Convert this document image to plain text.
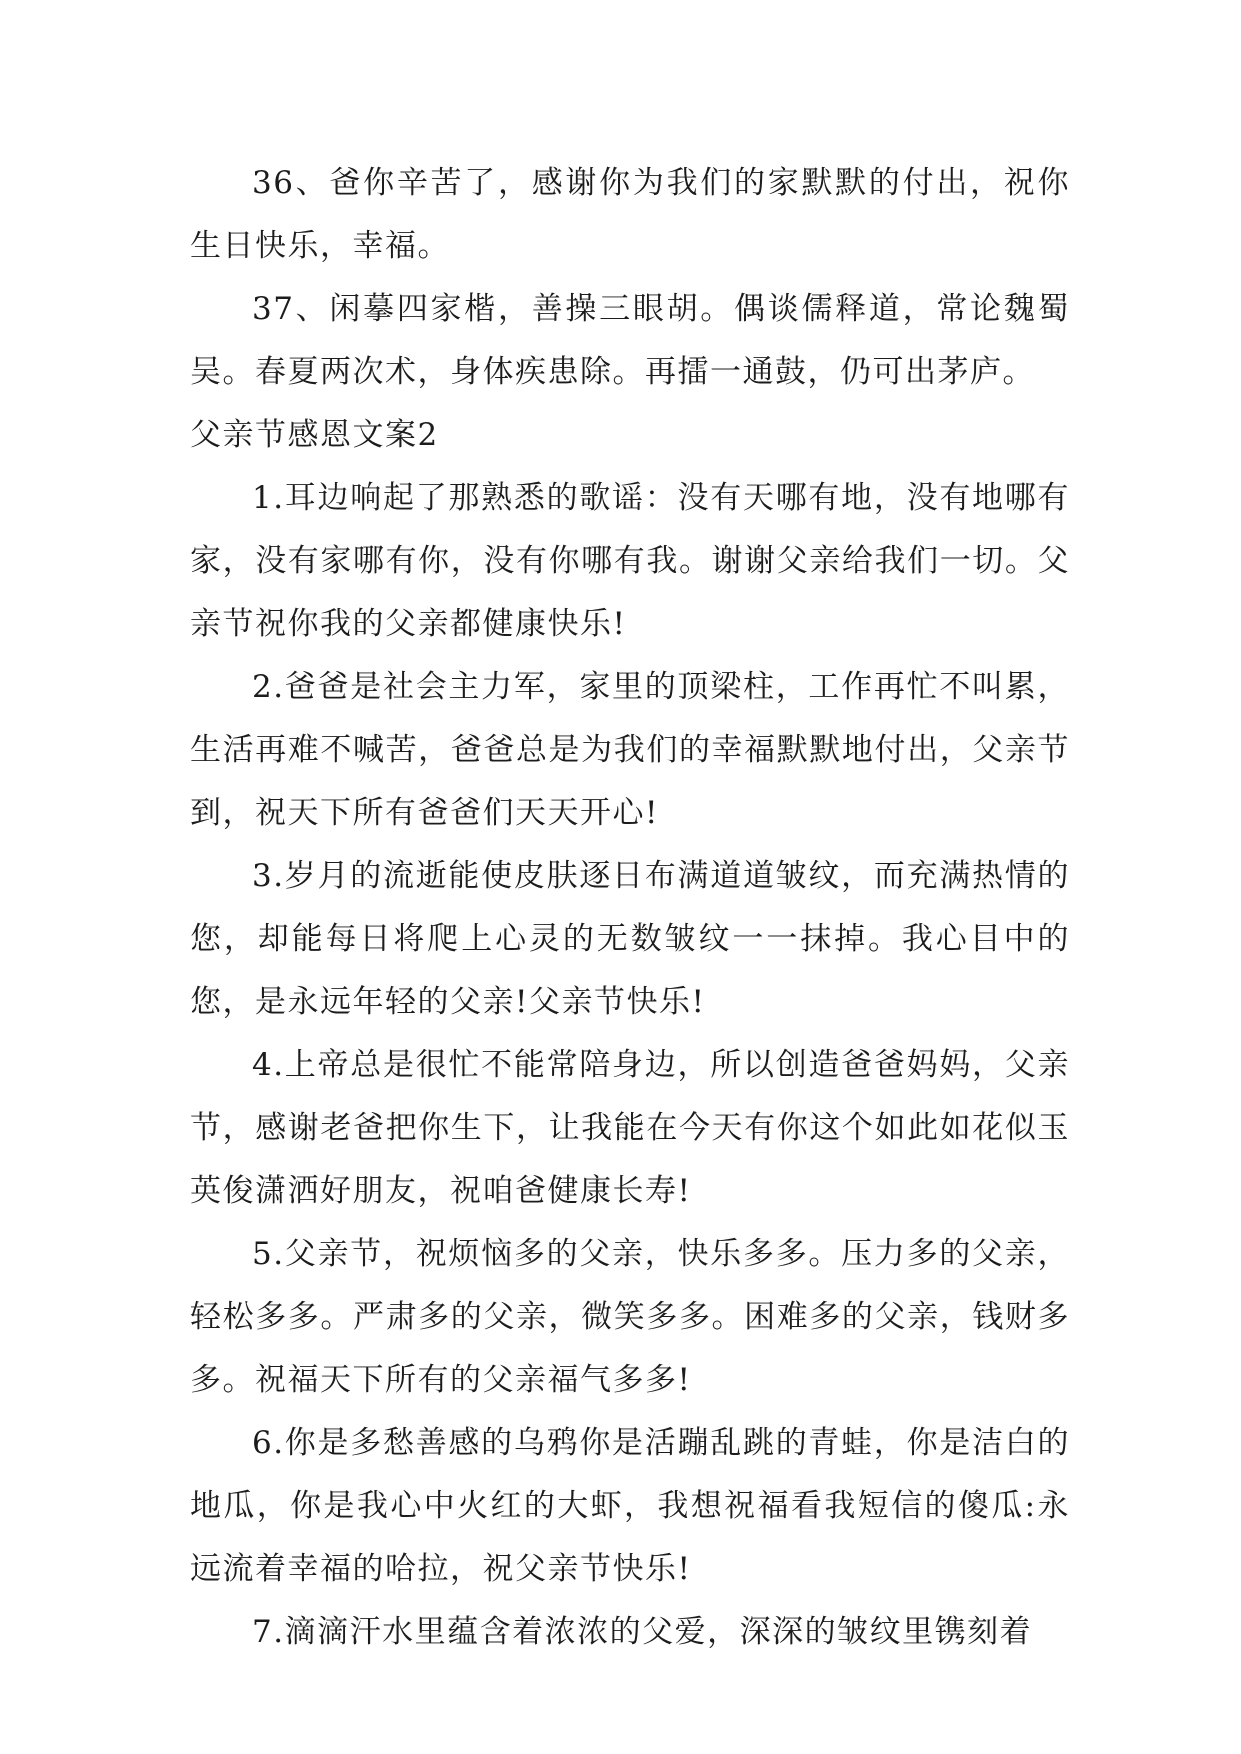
36、爸你辛苦了，感谢你为我们的家默默的付出，祝你生日快乐，幸福。

37、闲摹四家楷，善操三眼胡。偶谈儒释道，常论魏蜀吴。春夏两次术，身体疾患除。再擂一通鼓，仍可出茅庐。

父亲节感恩文案2

1.耳边响起了那熟悉的歌谣：没有天哪有地，没有地哪有家，没有家哪有你，没有你哪有我。谢谢父亲给我们一切。父亲节祝你我的父亲都健康快乐!

2.爸爸是社会主力军，家里的顶梁柱，工作再忙不叫累，生活再难不喊苦，爸爸总是为我们的幸福默默地付出，父亲节到，祝天下所有爸爸们天天开心!

3.岁月的流逝能使皮肤逐日布满道道皱纹，而充满热情的您，却能每日将爬上心灵的无数皱纹一一抹掉。我心目中的您，是永远年轻的父亲!父亲节快乐!

4.上帝总是很忙不能常陪身边，所以创造爸爸妈妈，父亲节，感谢老爸把你生下，让我能在今天有你这个如此如花似玉英俊潇洒好朋友，祝咱爸健康长寿!

5.父亲节，祝烦恼多的父亲，快乐多多。压力多的父亲，轻松多多。严肃多的父亲，微笑多多。困难多的父亲，钱财多多。祝福天下所有的父亲福气多多!

6.你是多愁善感的乌鸦你是活蹦乱跳的青蛙，你是洁白的地瓜，你是我心中火红的大虾，我想祝福看我短信的傻瓜:永远流着幸福的哈拉，祝父亲节快乐!

7.滴滴汗水里蕴含着浓浓的父爱，深深的皱纹里镌刻着
